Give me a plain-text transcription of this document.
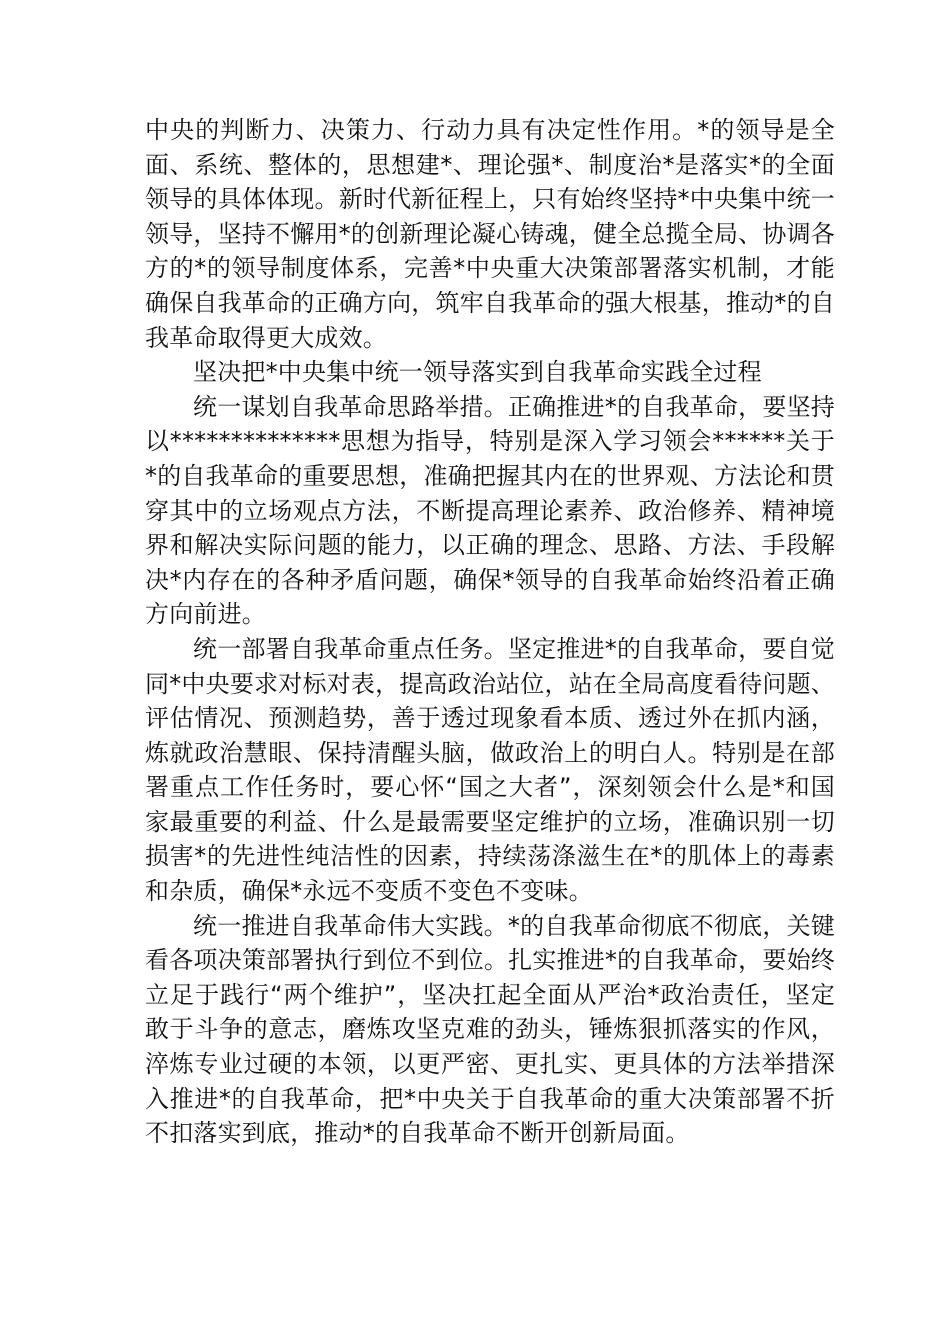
中央的判断力、决策力、行动力具有决定性作用。*的领导是全面、系统、整体的，思想建*、理论强*、制度治*是落实*的全面领导的具体体现。新时代新征程上，只有始终坚持*中央集中统一领导，坚持不懈用*的创新理论凝心铸魂，健全总揽全局、协调各方的*的领导制度体系，完善*中央重大决策部署落实机制，才能确保自我革命的正确方向，筑牢自我革命的强大根基，推动*的自我革命取得更大成效。

坚决把*中央集中统一领导落实到自我革命实践全过程

统一谋划自我革命思路举措。正确推进*的自我革命，要坚持以**************思想为指导，特别是深入学习领会******关于*的自我革命的重要思想，准确把握其内在的世界观、方法论和贯穿其中的立场观点方法，不断提高理论素养、政治修养、精神境界和解决实际问题的能力，以正确的理念、思路、方法、手段解决*内存在的各种矛盾问题，确保*领导的自我革命始终沿着正确方向前进。

统一部署自我革命重点任务。坚定推进*的自我革命，要自觉同*中央要求对标对表，提高政治站位，站在全局高度看待问题、评估情况、预测趋势，善于透过现象看本质、透过外在抓内涵，炼就政治慧眼、保持清醒头脑，做政治上的明白人。特别是在部署重点工作任务时，要心怀“国之大者”，深刻领会什么是*和国家最重要的利益、什么是最需要坚定维护的立场，准确识别一切损害*的先进性纯洁性的因素，持续荡涤滋生在*的肌体上的毒素和杂质，确保*永远不变质不变色不变味。

统一推进自我革命伟大实践。*的自我革命彻底不彻底，关键看各项决策部署执行到位不到位。扎实推进*的自我革命，要始终立足于践行“两个维护”，坚决扛起全面从严治*政治责任，坚定敢于斗争的意志，磨炼攻坚克难的劲头，锤炼狠抓落实的作风，淬炼专业过硬的本领，以更严密、更扎实、更具体的方法举措深入推进*的自我革命，把*中央关于自我革命的重大决策部署不折不扣落实到底，推动*的自我革命不断开创新局面。
